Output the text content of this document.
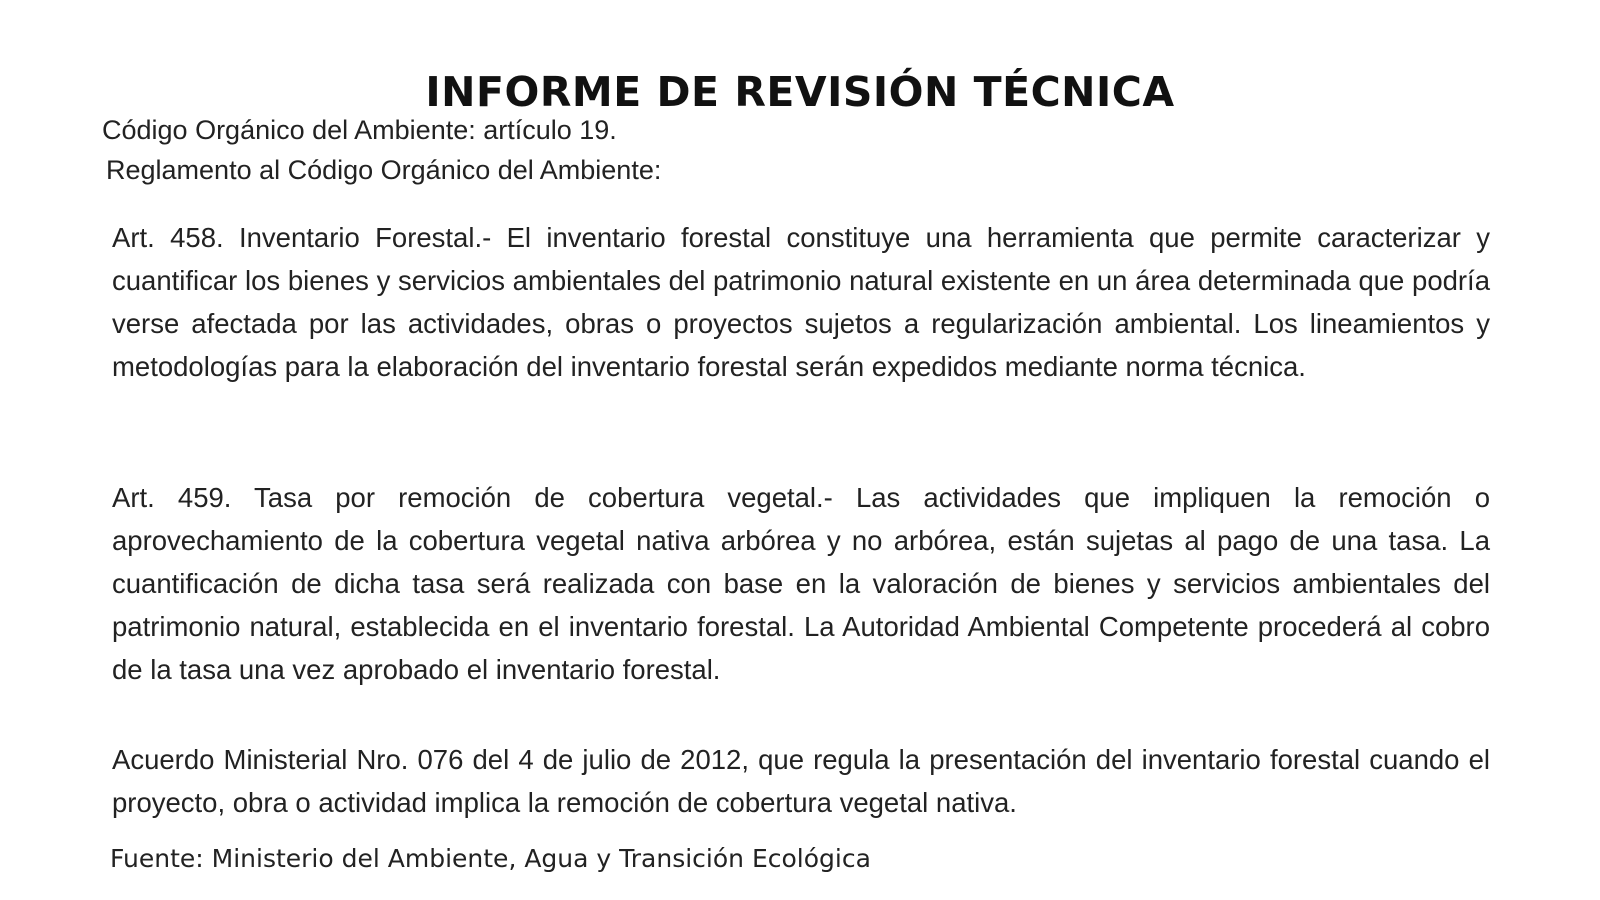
INFORME DE REVISIÓN TÉCNICA
Código Orgánico del Ambiente: artículo 19.
Reglamento al Código Orgánico del Ambiente:

Art. 458. Inventario Forestal.- El inventario forestal constituye una herramienta que permite caracterizar y cuantificar los bienes y servicios ambientales del patrimonio natural existente en un área determinada que podría verse afectada por las actividades, obras o proyectos sujetos a regularización ambiental. Los lineamientos y metodologías para la elaboración del inventario forestal serán expedidos mediante norma técnica.

Art. 459. Tasa por remoción de cobertura vegetal.- Las actividades que impliquen la remoción o aprovechamiento de la cobertura vegetal nativa arbórea y no arbórea, están sujetas al pago de una tasa. La cuantificación de dicha tasa será realizada con base en la valoración de bienes y servicios ambientales del patrimonio natural, establecida en el inventario forestal. La Autoridad Ambiental Competente procederá al cobro de la tasa una vez aprobado el inventario forestal.

Acuerdo Ministerial Nro. 076 del 4 de julio de 2012, que regula la presentación del inventario forestal cuando el proyecto, obra o actividad implica la remoción de cobertura vegetal nativa.

Fuente: Ministerio del Ambiente, Agua y Transición Ecológica
